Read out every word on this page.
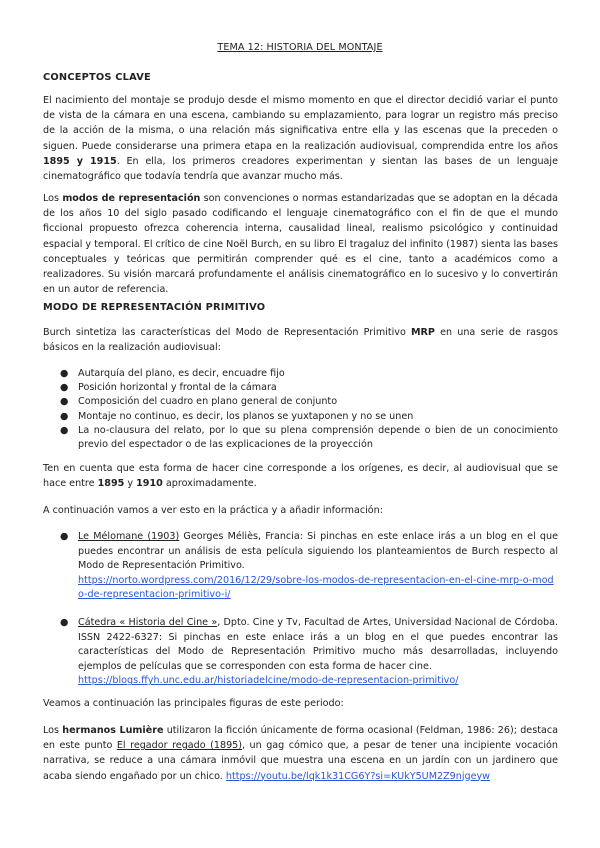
TEMA 12: HISTORIA DEL MONTAJE
CONCEPTOS CLAVE

El nacimiento del montaje se produjo desde el mismo momento en que el director decidió variar el punto de vista de la cámara en una escena, cambiando su emplazamiento, para lograr un registro más preciso de la acción de la misma, o una relación más significativa entre ella y las escenas que la preceden o siguen. Puede considerarse una primera etapa en la realización audiovisual, comprendida entre los años 1895 y 1915. En ella, los primeros creadores experimentan y sientan las bases de un lenguaje cinematográfico que todavía tendría que avanzar mucho más.

Los modos de representación son convenciones o normas estandarizadas que se adoptan en la década de los años 10 del siglo pasado codificando el lenguaje cinematográfico con el fin de que el mundo ficcional propuesto ofrezca coherencia interna, causalidad lineal, realismo psicológico y continuidad espacial y temporal. El crítico de cine Noël Burch, en su libro El tragaluz del infinito (1987) sienta las bases conceptuales y teóricas que permitirán comprender qué es el cine, tanto a académicos como a realizadores. Su visión marcará profundamente el análisis cinematográfico en lo sucesivo y lo convertirán en un autor de referencia.

MODO DE REPRESENTACIÓN PRIMITIVO

Burch sintetiza las características del Modo de Representación Primitivo MRP en una serie de rasgos básicos en la realización audiovisual:

● Autarquía del plano, es decir, encuadre fijo
● Posición horizontal y frontal de la cámara
● Composición del cuadro en plano general de conjunto
● Montaje no continuo, es decir, los planos se yuxtaponen y no se unen
● La no-clausura del relato, por lo que su plena comprensión depende o bien de un conocimiento previo del espectador o de las explicaciones de la proyección

Ten en cuenta que esta forma de hacer cine corresponde a los orígenes, es decir, al audiovisual que se hace entre 1895 y 1910 aproximadamente.

A continuación vamos a ver esto en la práctica y a añadir información:

● Le Mélomane (1903) Georges Méliès, Francia: Si pinchas en este enlace irás a un blog en el que puedes encontrar un análisis de esta película siguiendo los planteamientos de Burch respecto al Modo de Representación Primitivo.
https://norto.wordpress.com/2016/12/29/sobre-los-modos-de-representacion-en-el-cine-mrp-o-modo-de-representacion-primitivo-i/
● Cátedra « Historia del Cine », Dpto. Cine y Tv, Facultad de Artes, Universidad Nacional de Córdoba. ISSN 2422-6327: Si pinchas en este enlace irás a un blog en el que puedes encontrar las características del Modo de Representación Primitivo mucho más desarrolladas, incluyendo ejemplos de películas que se corresponden con esta forma de hacer cine.
https://blogs.ffyh.unc.edu.ar/historiadelcine/modo-de-representacion-primitivo/

Veamos a continuación las principales figuras de este periodo:

Los hermanos Lumière utilizaron la ficción únicamente de forma ocasional (Feldman, 1986: 26); destaca en este punto El regador regado (1895), un gag cómico que, a pesar de tener una incipiente vocación narrativa, se reduce a una cámara inmóvil que muestra una escena en un jardín con un jardinero que acaba siendo engañado por un chico. https://youtu.be/lqk1k31CG6Y?si=KUkY5UM2Z9njgeyw
